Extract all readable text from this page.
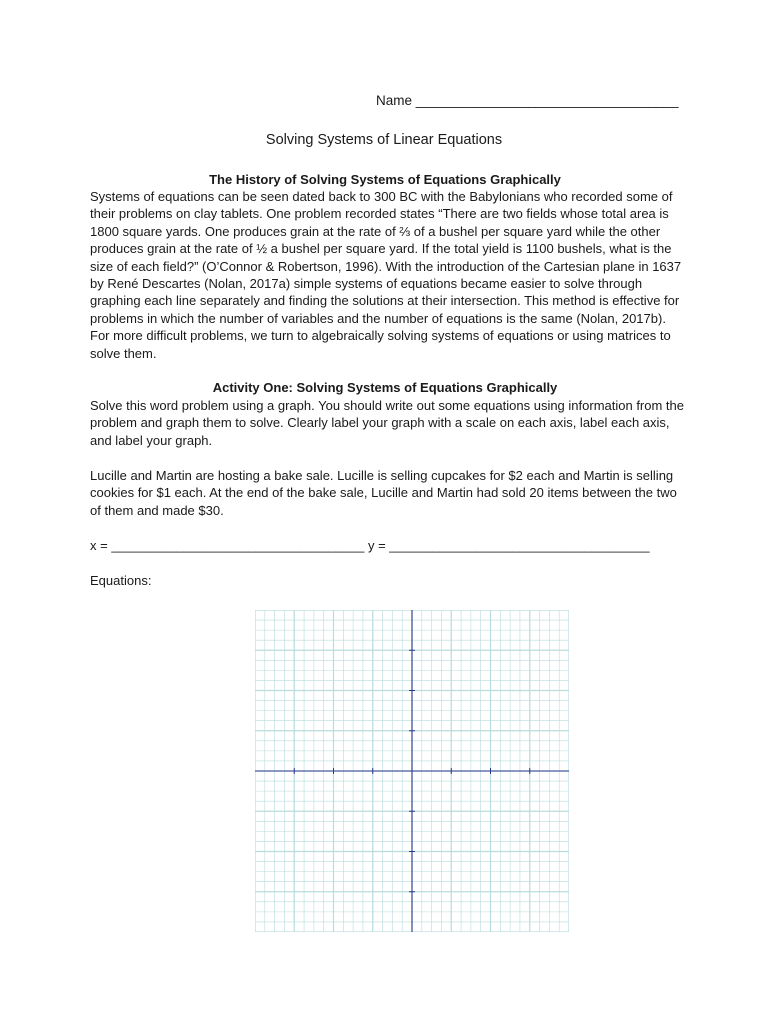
Name ___________________________________
Solving Systems of Linear Equations
The History of Solving Systems of Equations Graphically

Systems of equations can be seen dated back to 300 BC with the Babylonians who recorded some of their problems on clay tablets. One problem recorded states “There are two fields whose total area is 1800 square yards. One produces grain at the rate of ⅔ of a bushel per square yard while the other produces grain at the rate of ½ a bushel per square yard. If the total yield is 1100 bushels, what is the size of each field?” (O’Connor & Robertson, 1996). With the introduction of the Cartesian plane in 1637 by René Descartes (Nolan, 2017a) simple systems of equations became easier to solve through graphing each line separately and finding the solutions at their intersection. This method is effective for problems in which the number of variables and the number of equations is the same (Nolan, 2017b). For more difficult problems, we turn to algebraically solving systems of equations or using matrices to solve them.

Activity One: Solving Systems of Equations Graphically

Solve this word problem using a graph. You should write out some equations using information from the problem and graph them to solve. Clearly label your graph with a scale on each axis, label each axis, and label your graph.

Lucille and Martin are hosting a bake sale. Lucille is selling cupcakes for $2 each and Martin is selling cookies for $1 each. At the end of the bake sale, Lucille and Martin had sold 20 items between the two of them and made $30.

x = ___________________________________ y = ____________________________________
Equations:
